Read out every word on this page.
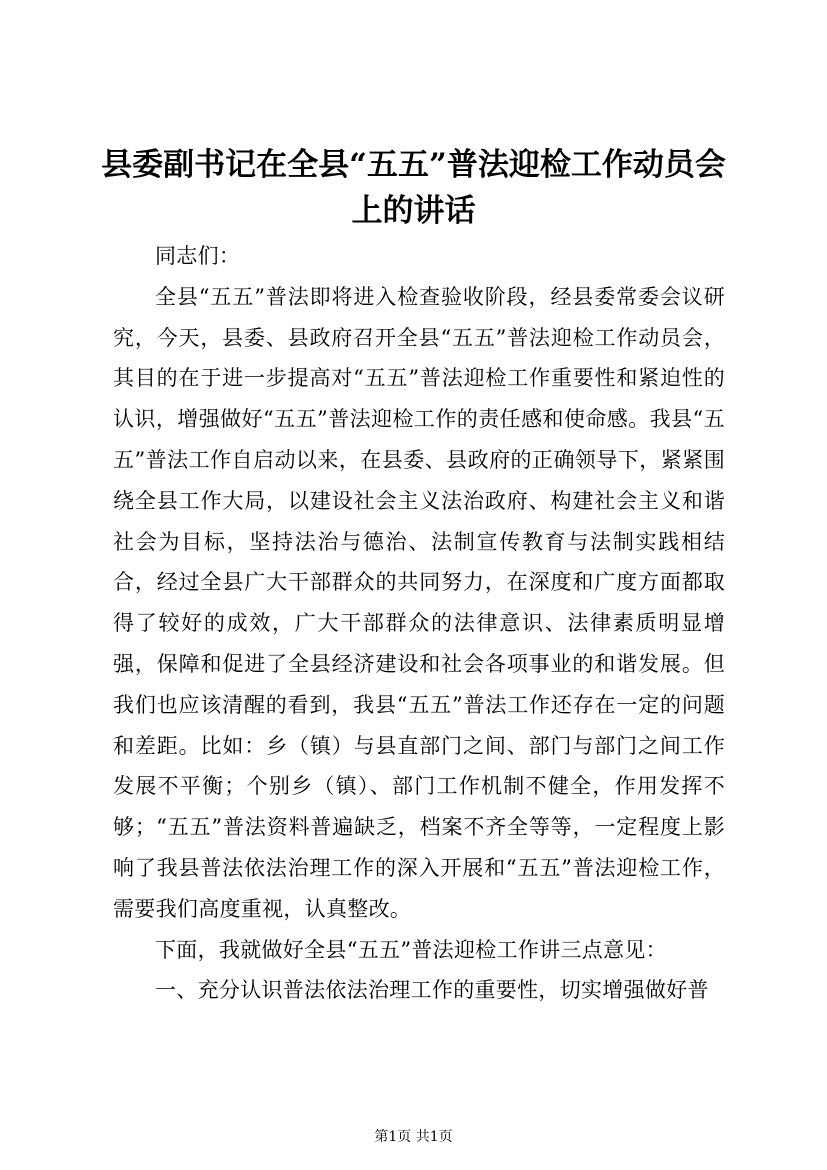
县委副书记在全县“五五”普法迎检工作动员会上的讲话

同志们：

全县“五五”普法即将进入检查验收阶段，经县委常委会议研究，今天，县委、县政府召开全县“五五”普法迎检工作动员会，其目的在于进一步提高对“五五”普法迎检工作重要性和紧迫性的认识，增强做好“五五”普法迎检工作的责任感和使命感。我县“五五”普法工作自启动以来，在县委、县政府的正确领导下，紧紧围绕全县工作大局，以建设社会主义法治政府、构建社会主义和谐社会为目标，坚持法治与德治、法制宣传教育与法制实践相结合，经过全县广大干部群众的共同努力，在深度和广度方面都取得了较好的成效，广大干部群众的法律意识、法律素质明显增强，保障和促进了全县经济建设和社会各项事业的和谐发展。但我们也应该清醒的看到，我县“五五”普法工作还存在一定的问题和差距。比如：乡（镇）与县直部门之间、部门与部门之间工作发展不平衡；个别乡（镇）、部门工作机制不健全，作用发挥不够；“五五”普法资料普遍缺乏，档案不齐全等等，一定程度上影响了我县普法依法治理工作的深入开展和“五五”普法迎检工作，需要我们高度重视，认真整改。

下面，我就做好全县“五五”普法迎检工作讲三点意见：

一、充分认识普法依法治理工作的重要性，切实增强做好普

第1页 共1页
